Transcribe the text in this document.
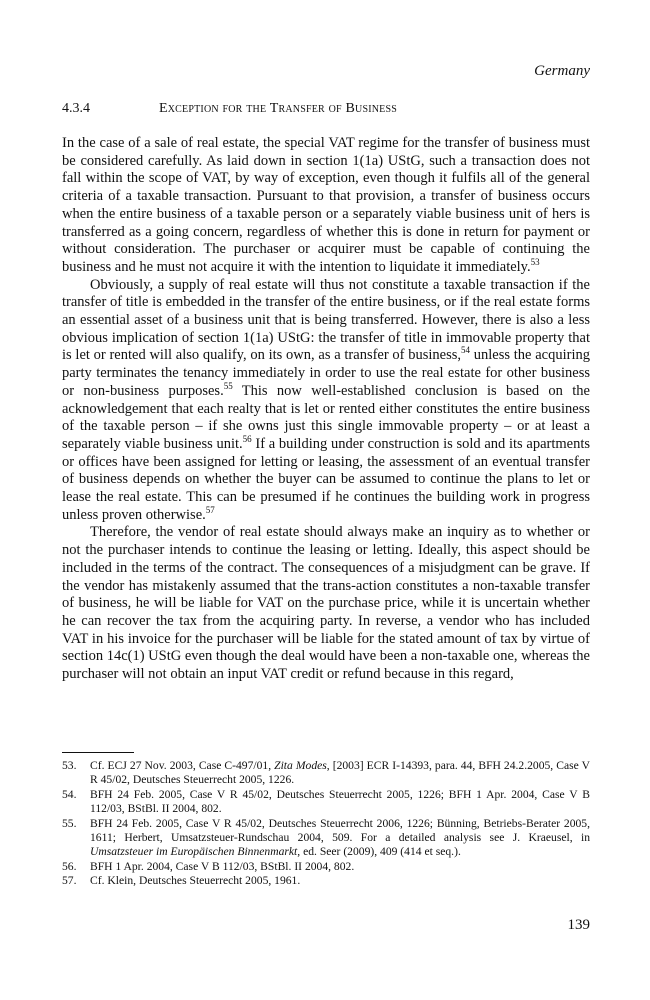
Germany
4.3.4	Exception for the Transfer of Business

In the case of a sale of real estate, the special VAT regime for the transfer of business must be considered carefully. As laid down in section 1(1a) UStG, such a transaction does not fall within the scope of VAT, by way of exception, even though it fulfils all of the general criteria of a taxable transaction. Pursuant to that provision, a transfer of business occurs when the entire business of a taxable person or a separately viable business unit of hers is transferred as a going concern, regardless of whether this is done in return for payment or without consideration. The purchaser or acquirer must be capable of continuing the business and he must not acquire it with the intention to liquidate it immediately.$^{53}$

Obviously, a supply of real estate will thus not constitute a taxable transaction if the transfer of title is embedded in the transfer of the entire business, or if the real estate forms an essential asset of a business unit that is being transferred. However, there is also a less obvious implication of section 1(1a) UStG: the transfer of title in immovable property that is let or rented will also qualify, on its own, as a transfer of business,$^{54}$ unless the acquiring party terminates the tenancy immediately in order to use the real estate for other business or non-business purposes.$^{55}$ This now well-established conclusion is based on the acknowledgement that each realty that is let or rented either constitutes the entire business of the taxable person – if she owns just this single immovable property – or at least a separately viable business unit.$^{56}$ If a building under construction is sold and its apartments or offices have been assigned for letting or leasing, the assessment of an eventual transfer of business depends on whether the buyer can be assumed to continue the plans to let or lease the real estate. This can be presumed if he continues the building work in progress unless proven otherwise.$^{57}$

Therefore, the vendor of real estate should always make an inquiry as to whether or not the purchaser intends to continue the leasing or letting. Ideally, this aspect should be included in the terms of the contract. The consequences of a misjudgment can be grave. If the vendor has mistakenly assumed that the trans-action constitutes a non-taxable transfer of business, he will be liable for VAT on the purchase price, while it is uncertain whether he can recover the tax from the acquiring party. In reverse, a vendor who has included VAT in his invoice for the purchaser will be liable for the stated amount of tax by virtue of section 14c(1) UStG even though the deal would have been a non-taxable one, whereas the purchaser will not obtain an input VAT credit or refund because in this regard,

53.	Cf. ECJ 27 Nov. 2003, Case C-497/01, Zita Modes, [2003] ECR I-14393, para. 44, BFH 24.2.2005, Case V R 45/02, Deutsches Steuerrecht 2005, 1226.
54.	BFH 24 Feb. 2005, Case V R 45/02, Deutsches Steuerrecht 2005, 1226; BFH 1 Apr. 2004, Case V B 112/03, BStBl. II 2004, 802.
55.	BFH 24 Feb. 2005, Case V R 45/02, Deutsches Steuerrecht 2006, 1226; Bünning, Betriebs-Berater 2005, 1611; Herbert, Umsatzsteuer-Rundschau 2004, 509. For a detailed analysis see J. Kraeusel, in Umsatzsteuer im Europäischen Binnenmarkt, ed. Seer (2009), 409 (414 et seq.).
56.	BFH 1 Apr. 2004, Case V B 112/03, BStBl. II 2004, 802.
57.	Cf. Klein, Deutsches Steuerrecht 2005, 1961.
139
